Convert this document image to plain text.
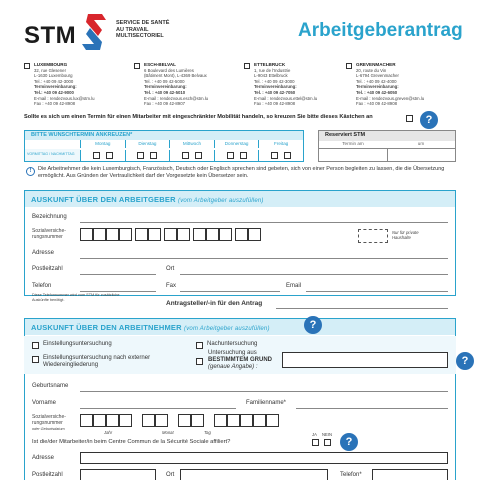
STM	SERVICE DE SANTÉ
AU TRAVAIL
MULTISECTORIEL	Arbeitgeberantrag
LUXEMBOURG
32, rue Glesener
L-1630 Luxembourg
Tel.: +40 09 42-3000
Terminvereinbarung:
Tel.: +40 09 42-9000
E-mail : rendezvous.lux@stm.lu
Fax : +40 09 42-8908
ESCH-BELVAL
6 Boulevard des Lumières
(Bâtiment Mont), L-4369 Belvaux
Tel. : +40 09 42-5000
Terminvereinbarung:
Tel. : +40 09 42-5010
E-mail : rendezvous.esch@stm.lu
Fax : +40 09 42-8907
ETTELBRUCK
1, rue de l'Industrie
L-9043 Ettelbruck
Tel. : +40 09 42-3000
Terminvereinbarung:
Tel. : +40 09 42-7050
E-mail : rendezvous.ettel@stm.lu
Fax : +40 09 42-8908
GREVENMACHER
20, route du Vin
L-6794 Grevenmacher
Tel. : +40 09 42-4000
Terminvereinbarung:
Tel. : +40 09 42-6050
E-mail : rendezvous.greven@stm.lu
Fax : +40 09 42-8908
Sollte es sich um einen Termin für einen Mitarbeiter mit eingeschränkter Mobilität handeln, so kreuzen Sie bitte dieses Kästchen an	?
BITTE WUNSCHTERMIN ANKREUZEN*
Montag	Dienstag	Mittwoch	Donnerstag	Freitag
VORMITTAG / NACHMITTAG
Reserviert STM
Termin am	um
!	Die Arbeitnehmer die kein Luxemburgisch, Französisch, Deutsch oder Englisch sprechen sind gebeten, sich von einer Person begleiten zu lassen, die die Übersetzung ermöglicht. Aus Gründen der Vertraulichkeit darf der Vorgesetzte kein Übersetzer sein.
AUSKUNFT ÜBER DEN ARBEITGEBER (vom Arbeitgeber auszufüllen)
Bezeichnung
Sozialversiche-rungsnummer
Nur für private Haushalte
Adresse
Postleitzahl	Ort
Telefon	Fax	Email
Diese Telefonnummer wird vom STM für zusätzliche Auskünfte benötigt.
Antragsteller/-in für den Antrag
AUSKUNFT ÜBER DEN ARBEITNEHMER (vom Arbeitgeber auszufüllen)	?
Einstellungsuntersuchung	Nachuntersuchung
Einstellungsuntersuchung nach externer Wiedereingliederung
Untersuchung aus
BESTIMMTEM GRUND
(genaue Angabe) :	?
Geburtsname
Vorname	Familienname*
Sozialversiche-rungsnummer
oder Geburtsdatum
Jahr	Monat	Tag
Ist die/der Mitarbeiter/in beim Centre Commun de la Sécurité Sociale affiliert?
JA NEIN
?
Adresse
Postleitzahl	Ort	Telefon*
